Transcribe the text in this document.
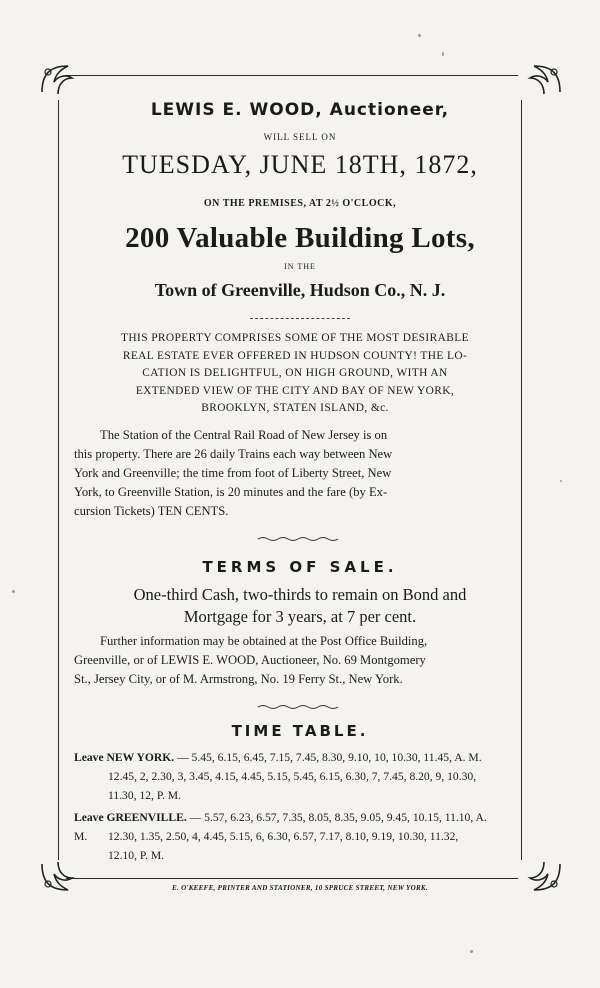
LEWIS E. WOOD, Auctioneer,
WILL SELL ON
TUESDAY, JUNE 18TH, 1872,
ON THE PREMISES, AT 2½ O'CLOCK,
200 Valuable Building Lots,
IN THE
Town of Greenville, Hudson Co., N. J.
THIS PROPERTY COMPRISES SOME OF THE MOST DESIRABLE
REAL ESTATE EVER OFFERED IN HUDSON COUNTY! THE LO-
CATION IS DELIGHTFUL, ON HIGH GROUND, WITH AN
EXTENDED VIEW OF THE CITY AND BAY OF NEW YORK,
BROOKLYN, STATEN ISLAND, &c.
The Station of the Central Rail Road of New Jersey is on
this property. There are 26 daily Trains each way between New
York and Greenville; the time from foot of Liberty Street, New
York, to Greenville Station, is 20 minutes and the fare (by Ex-
cursion Tickets) TEN CENTS.
TERMS OF SALE.
One-third Cash, two-thirds to remain on Bond and
Mortgage for 3 years, at 7 per cent.
Further information may be obtained at the Post Office Building,
Greenville, or of LEWIS E. WOOD, Auctioneer, No. 69 Montgomery
St., Jersey City, or of M. Armstrong, No. 19 Ferry St., New York.
TIME TABLE.
Leave NEW YORK. — 5.45, 6.15, 6.45, 7.15, 7.45, 8.30, 9.10, 10, 10.30, 11.45, A. M.
12.45, 2, 2.30, 3, 3.45, 4.15, 4.45, 5.15, 5.45, 6.15, 6.30, 7, 7.45, 8.20, 9, 10.30,
11.30, 12, P. M.
Leave GREENVILLE. — 5.57, 6.23, 6.57, 7.35, 8.05, 8.35, 9.05, 9.45, 10.15, 11.10, A. M.	12.30, 1.35, 2.50, 4, 4.45, 5.15, 6, 6.30, 6.57, 7.17, 8.10, 9.19, 10.30, 11.32,
12.10, P. M.
E. O'KEEFE, PRINTER AND STATIONER, 10 SPRUCE STREET, NEW YORK.
